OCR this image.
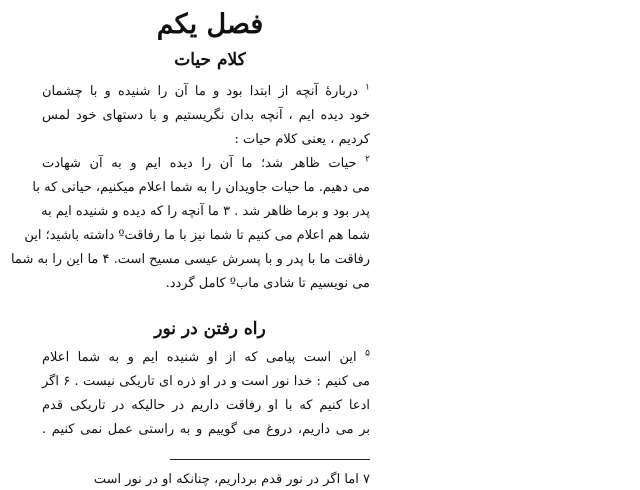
فصل یکم
کلام حیات
$^۱$ دربارهٔ آنچه از ابتدا بود و ما آن را شنیده و با چشمان
خود دیده ایم ، آنچه بدان نگریستیم و با دستهای خود لمس
کردیم ، یعنی کلام حیات :
$^۲$ حیات ظاهر شد؛ ما آن را دیده ایم و به آن شهادت
می دهیم. ما حیات جاویدان را به شما اعلام میکنیم، حیاتی که با
پدر بود و برما ظاهر شد . ۳ ما آنچه را که دیده و شنیده ایم به
شما هم اعلام می کنیم تا شما نیز با ما رفاقتº داشته باشید؛ این
رفاقت ما با پدر و با پسرش عیسی مسیح است. ۴ ما این را به شما
می نویسیم تا شادی مابº کامل گردد.
راه رفتن در نور
$^۵$ این است پیامی که از او شنیده ایم و به شما اعلام
می کنیم : خدا نور است و در او ذره ای تاریکی نیست . ۶ اگر
ادعا کنیم که با او رفاقت داریم در حالیکه در تاریکی قدم
بر می داریم، دروغ می گوییم و به راستی عمل نمی کنیم .
۷ اما اگر در نور قدم برداریم، چنانکه او در نور است
